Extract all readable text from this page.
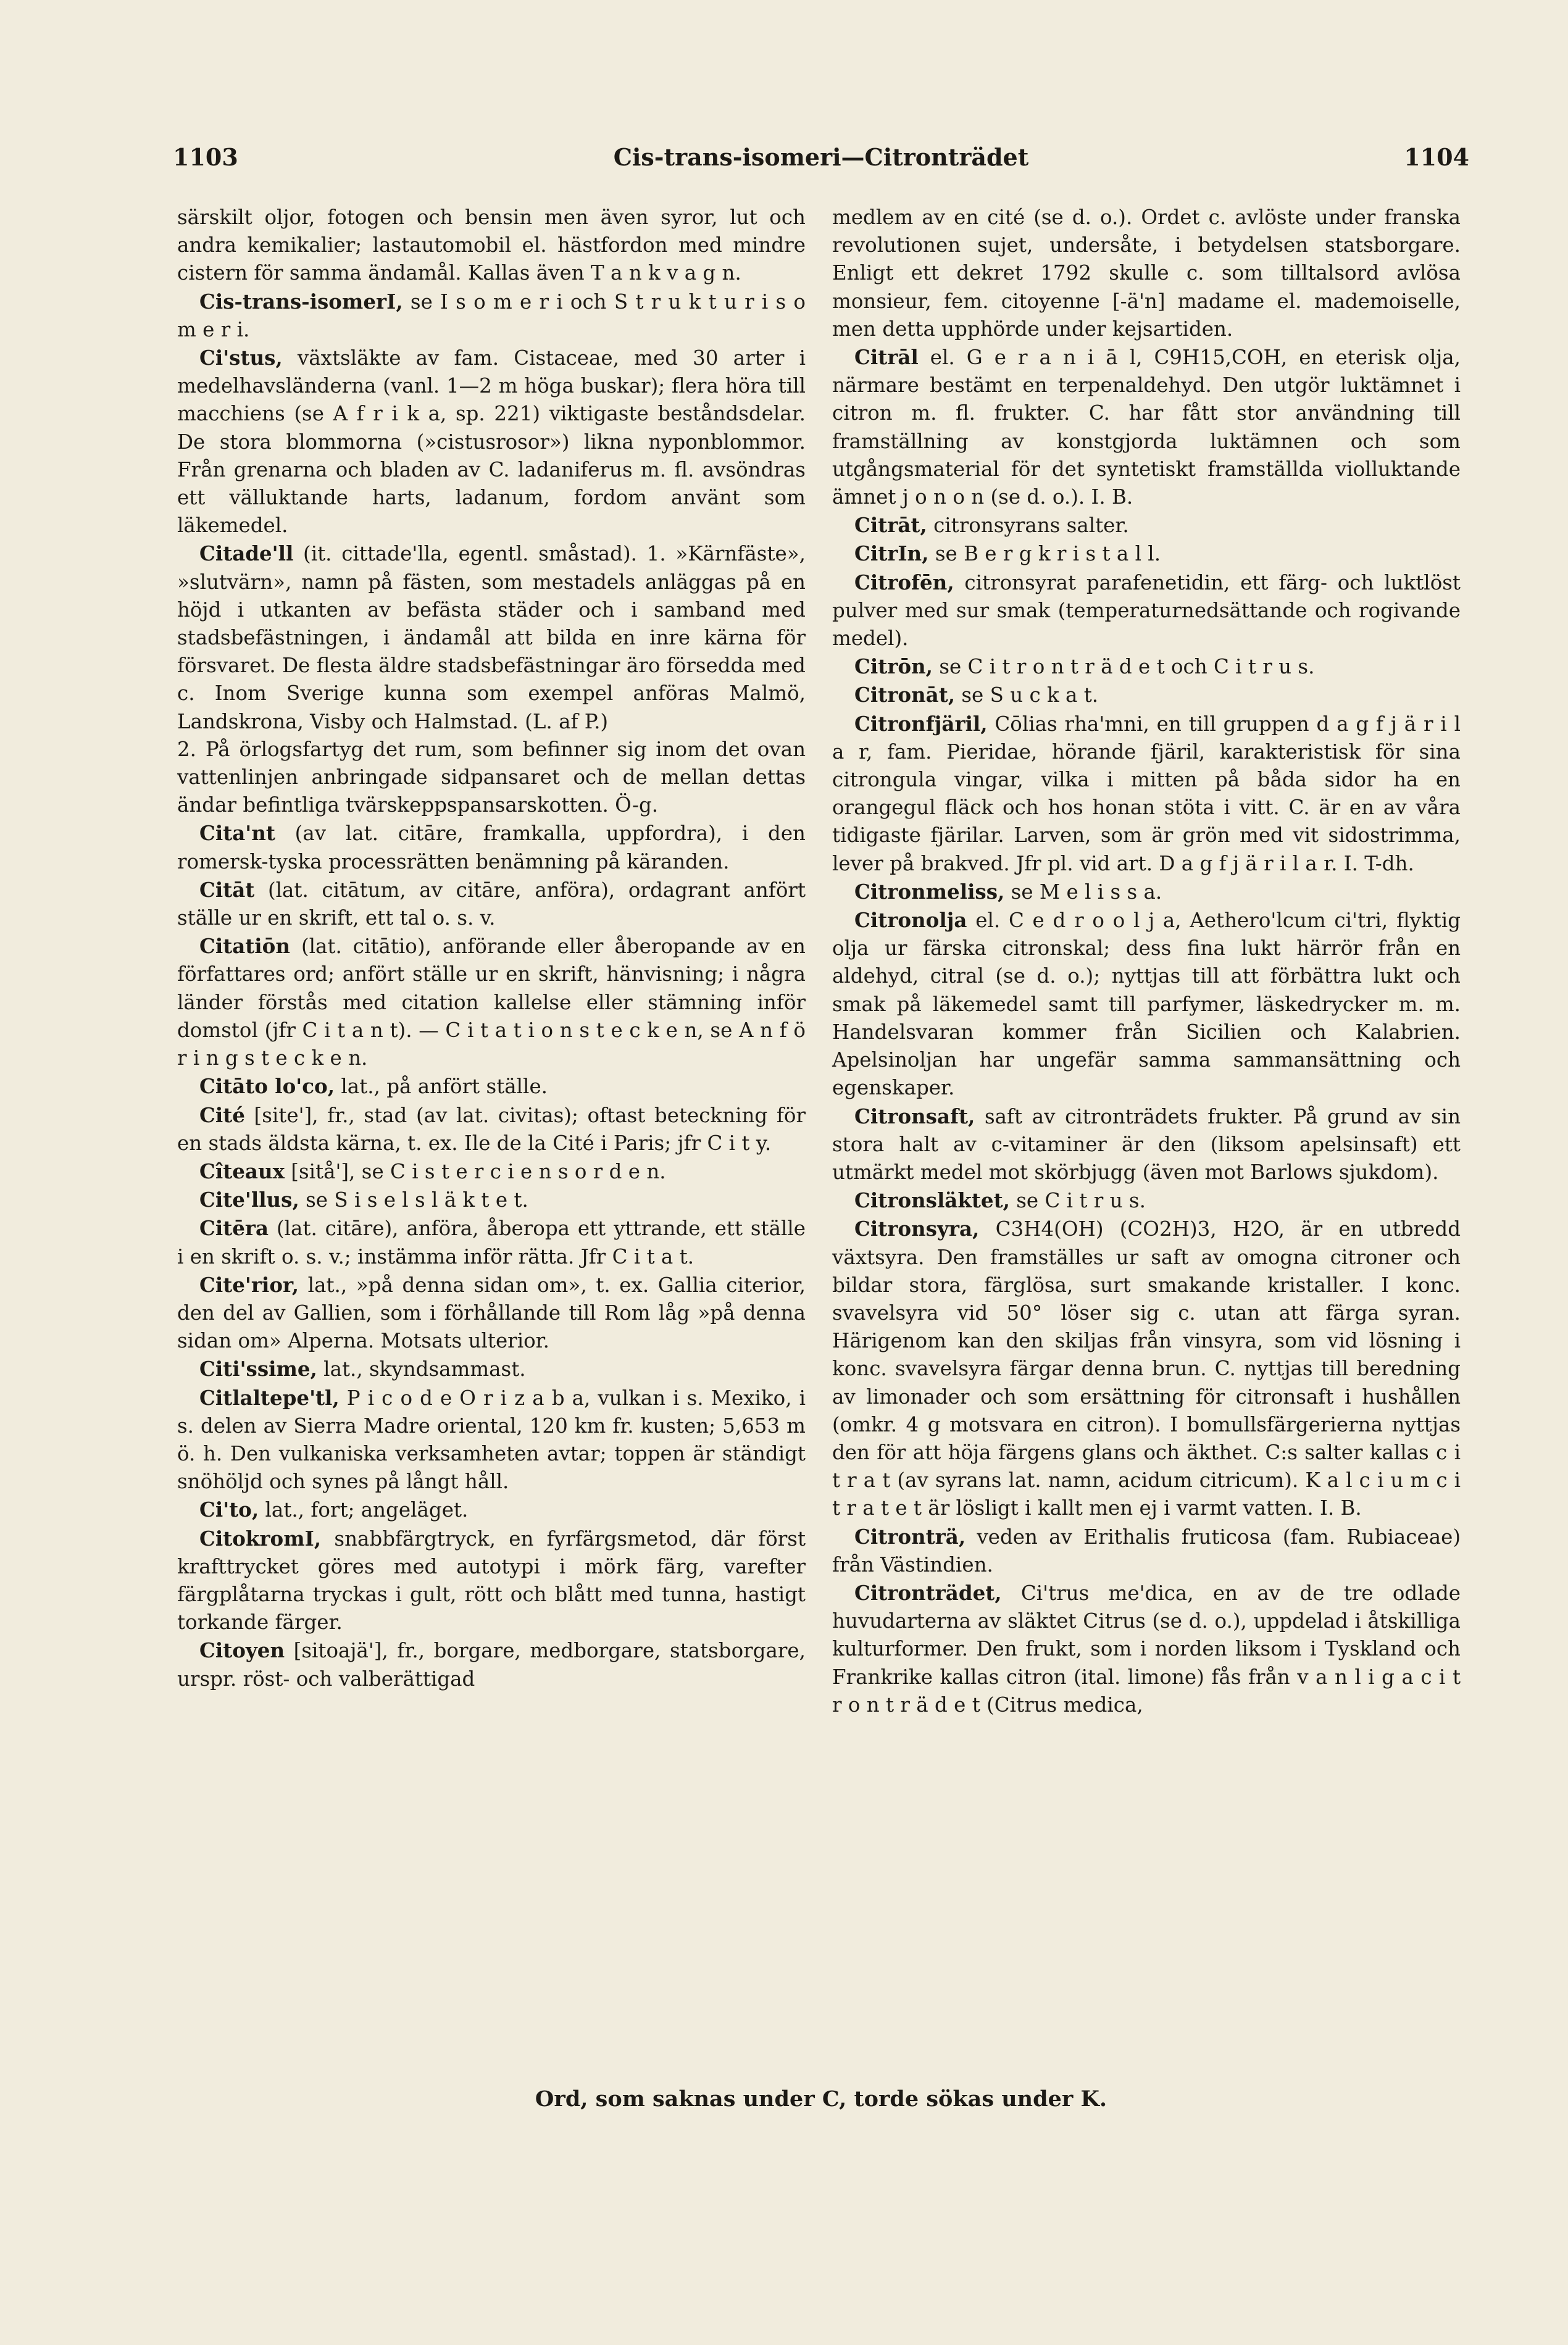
1103	Cis-trans-isomeri—Citronträdet	1104

särskilt oljor, fotogen och bensin men även syror, lut och andra kemikalier; lastautomobil el. hästfordon med mindre cistern för samma ändamål. Kallas även T a n k v a g n.

Cis-trans-isomerI, se I s o m e r i och S t r u k t u r i s o m e r i.

Ci'stus, växtsläkte av fam. Cistaceae, med 30 arter i medelhavsländerna (vanl. 1—2 m höga buskar); flera höra till macchiens (se A f r i k a, sp. 221) viktigaste beståndsdelar. De stora blommorna (»cistusrosor») likna nyponblommor. Från grenarna och bladen av C. ladaniferus m. fl. avsöndras ett välluktande harts, ladanum, fordom använt som läkemedel.

Citade'll (it. cittade'lla, egentl. småstad). 1. »Kärnfäste», »slutvärn», namn på fästen, som mestadels anläggas på en höjd i utkanten av befästa städer och i samband med stadsbefästningen, i ändamål att bilda en inre kärna för försvaret. De flesta äldre stadsbefästningar äro försedda med c. Inom Sverige kunna som exempel anföras Malmö, Landskrona, Visby och Halmstad. (L. af P.)

2. På örlogsfartyg det rum, som befinner sig inom det ovan vattenlinjen anbringade sidpansaret och de mellan dettas ändar befintliga tvärskeppspansarskotten. Ö-g.

Cita'nt (av lat. citāre, framkalla, uppfordra), i den romersk-tyska processrätten benämning på käranden.

Citāt (lat. citātum, av citāre, anföra), ordagrant anfört ställe ur en skrift, ett tal o. s. v.

Citatiōn (lat. citātio), anförande eller åberopande av en författares ord; anfört ställe ur en skrift, hänvisning; i några länder förstås med citation kallelse eller stämning inför domstol (jfr C i t a n t). — C i t a t i o n s t e c k e n, se A n f ö r i n g s t e c k e n.

Citāto lo'co, lat., på anfört ställe.

Cité [site'], fr., stad (av lat. civitas); oftast beteckning för en stads äldsta kärna, t. ex. Ile de la Cité i Paris; jfr C i t y.

Cîteaux [sitå'], se C i s t e r c i e n s o r d e n.

Cite'llus, se S i s e l s l ä k t e t.

Citēra (lat. citāre), anföra, åberopa ett yttrande, ett ställe i en skrift o. s. v.; instämma inför rätta. Jfr C i t a t.

Cite'rior, lat., »på denna sidan om», t. ex. Gallia citerior, den del av Gallien, som i förhållande till Rom låg »på denna sidan om» Alperna. Motsats ulterior.

Citi'ssime, lat., skyndsammast.

Citlaltepe'tl, P i c o d e O r i z a b a, vulkan i s. Mexiko, i s. delen av Sierra Madre oriental, 120 km fr. kusten; 5,653 m ö. h. Den vulkaniska verksamheten avtar; toppen är ständigt snöhöljd och synes på långt håll.

Ci'to, lat., fort; angeläget.

CitokromI, snabbfärgtryck, en fyrfärgsmetod, där först krafttrycket göres med autotypi i mörk färg, varefter färgplåtarna tryckas i gult, rött och blått med tunna, hastigt torkande färger.

Citoyen [sitoajä'], fr., borgare, medborgare, statsborgare, urspr. röst- och valberättigad

medlem av en cité (se d. o.). Ordet c. avlöste under franska revolutionen sujet, undersåte, i betydelsen statsborgare. Enligt ett dekret 1792 skulle c. som tilltalsord avlösa monsieur, fem. citoyenne [-ä'n] madame el. mademoiselle, men detta upphörde under kejsartiden.

Citrāl el. G e r a n i ā l, C9H15,COH, en eterisk olja, närmare bestämt en terpenaldehyd. Den utgör luktämnet i citron m. fl. frukter. C. har fått stor användning till framställning av konstgjorda luktämnen och som utgångsmaterial för det syntetiskt framställda violluktande ämnet j o n o n (se d. o.). I. B.

Citrāt, citronsyrans salter.

CitrIn, se B e r g k r i s t a l l.

Citrofēn, citronsyrat parafenetidin, ett färg- och luktlöst pulver med sur smak (temperaturnedsättande och rogivande medel).

Citrōn, se C i t r o n t r ä d e t och C i t r u s.

Citronāt, se S u c k a t.

Citronfjäril, Cōlias rha'mni, en till gruppen d a g f j ä r i l a r, fam. Pieridae, hörande fjäril, karakteristisk för sina citrongula vingar, vilka i mitten på båda sidor ha en orangegul fläck och hos honan stöta i vitt. C. är en av våra tidigaste fjärilar. Larven, som är grön med vit sidostrimma, lever på brakved. Jfr pl. vid art. D a g f j ä r i l a r. I. T-dh.

Citronmeliss, se M e l i s s a.

Citronolja el. C e d r o o l j a, Aethero'lcum ci'tri, flyktig olja ur färska citronskal; dess fina lukt härrör från en aldehyd, citral (se d. o.); nyttjas till att förbättra lukt och smak på läkemedel samt till parfymer, läskedrycker m. m. Handelsvaran kommer från Sicilien och Kalabrien. Apelsinoljan har ungefär samma sammansättning och egenskaper.

Citronsaft, saft av citronträdets frukter. På grund av sin stora halt av c-vitaminer är den (liksom apelsinsaft) ett utmärkt medel mot skörbjugg (även mot Barlows sjukdom).

Citronsläktet, se C i t r u s.

Citronsyra, C3H4(OH) (CO2H)3, H2O, är en utbredd växtsyra. Den framställes ur saft av omogna citroner och bildar stora, färglösa, surt smakande kristaller. I konc. svavelsyra vid 50° löser sig c. utan att färga syran. Härigenom kan den skiljas från vinsyra, som vid lösning i konc. svavelsyra färgar denna brun. C. nyttjas till beredning av limonader och som ersättning för citronsaft i hushållen (omkr. 4 g motsvara en citron). I bomullsfärgerierna nyttjas den för att höja färgens glans och äkthet. C:s salter kallas c i t r a t (av syrans lat. namn, acidum citricum). K a l c i u m c i t r a t e t är lösligt i kallt men ej i varmt vatten. I. B.

Citronträ, veden av Erithalis fruticosa (fam. Rubiaceae) från Västindien.

Citronträdet, Ci'trus me'dica, en av de tre odlade huvudarterna av släktet Citrus (se d. o.), uppdelad i åtskilliga kulturformer. Den frukt, som i norden liksom i Tyskland och Frankrike kallas citron (ital. limone) fås från v a n l i g a c i t r o n t r ä d e t (Citrus medica,

Ord, som saknas under C, torde sökas under K.
